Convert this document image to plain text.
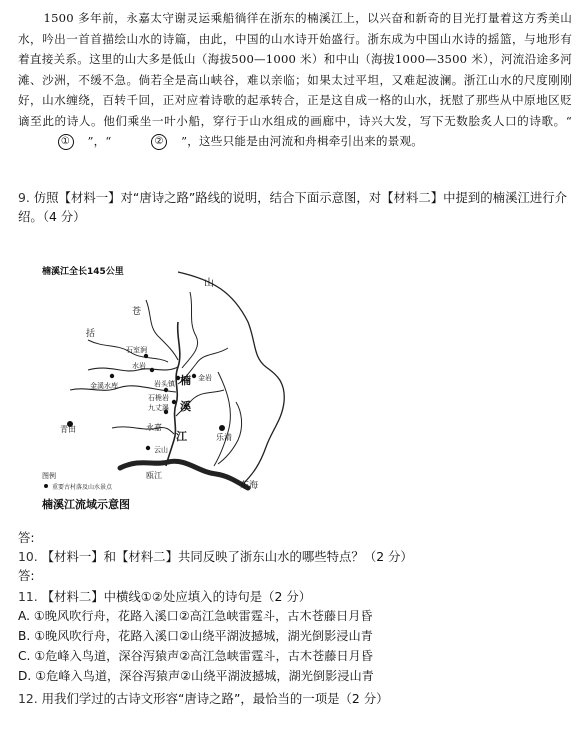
1500 多年前，永嘉太守谢灵运乘船徜徉在浙东的楠溪江上，以兴奋和新奇的目光打量着这方秀美山水，吟出一首首描绘山水的诗篇，由此，中国的山水诗开始盛行。浙东成为中国山水诗的摇篮，与地形有着直接关系。这里的山大多是低山（海拔500—1000 米）和中山（海拔1000—3500 米），河流沿途多河滩、沙洲，不缓不急。倘若全是高山峡谷，难以亲临；如果太过平坦，又难起波澜。浙江山水的尺度刚刚好，山水缠绕，百转千回，正对应着诗歌的起承转合，正是这自成一格的山水，抚慰了那些从中原地区贬谪至此的诗人。他们乘坐一叶小船，穿行于山水组成的画廊中，诗兴大发，写下无数脍炙人口的诗歌。“① ”，“	② ”，这些只能是由河流和舟楫牵引出来的景观。
9. 仿照【材料一】对“唐诗之路”路线的说明，结合下面示意图，对【材料二】中提到的楠溪江进行介绍。（4 分）
楠溪江全长145公里
山
苍
括
楠
溪
江
东海
青田
乐清
永嘉
瓯江
石室涧
金溪水库
水岩
金岩
岩头镇
石桅岩
九丈瀑
云山
图例
重要古村落及山水景点
楠溪江流域示意图
答:
10. 【材料一】和【材料二】共同反映了浙东山水的哪些特点？（2 分）
答:
11. 【材料二】中横线①②处应填入的诗句是（2 分）
A. ①晚风吹行舟，花路入溪口②高江急峡雷霆斗，古木苍藤日月昏
B. ①晚风吹行舟，花路入溪口②山绕平湖波撼城，湖光倒影浸山青
C. ①危峰入鸟道，深谷泻猿声②高江急峡雷霆斗，古木苍藤日月昏
D. ①危峰入鸟道，深谷泻猿声②山绕平湖波撼城，湖光倒影浸山青
12. 用我们学过的古诗文形容“唐诗之路”，最恰当的一项是（2 分）
